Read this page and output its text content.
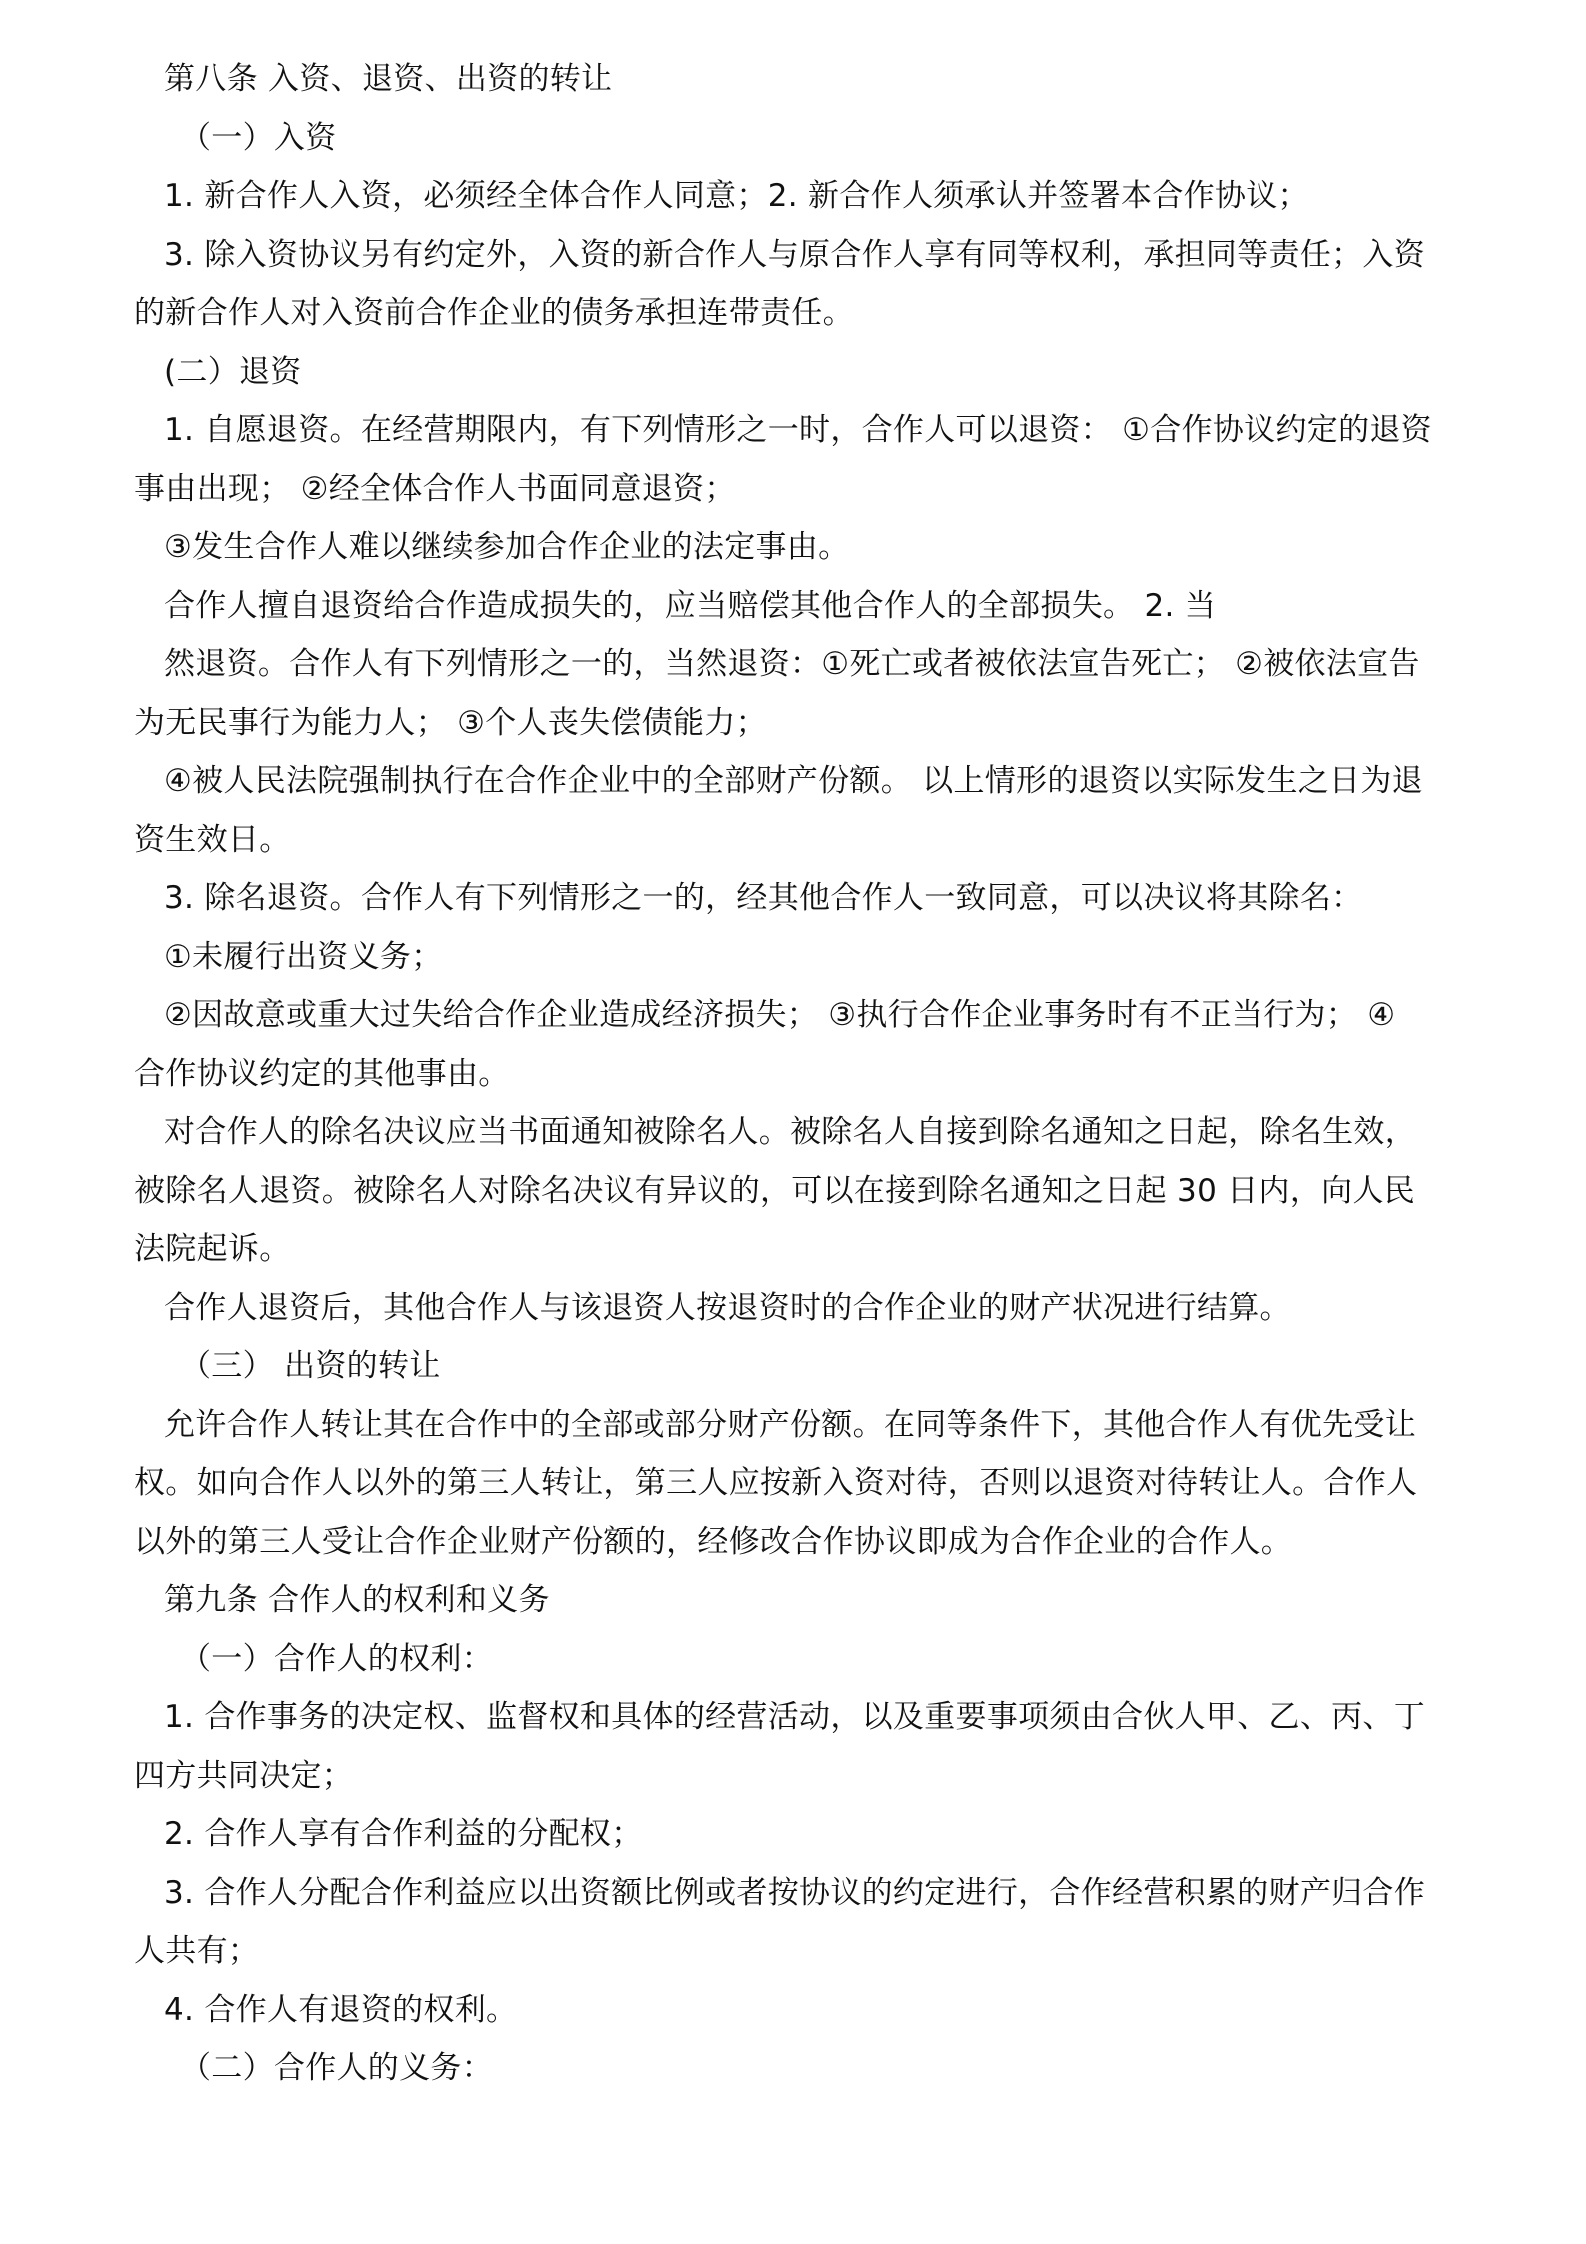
第八条 入资、退资、出资的转让
（一）入资
1. 新合作人入资，必须经全体合作人同意；2. 新合作人须承认并签署本合作协议；
3. 除入资协议另有约定外，入资的新合作人与原合作人享有同等权利，承担同等责任；入资
的新合作人对入资前合作企业的债务承担连带责任。
(二）退资
1. 自愿退资。在经营期限内，有下列情形之一时，合作人可以退资： ①合作协议约定的退资
事由出现； ②经全体合作人书面同意退资；
③发生合作人难以继续参加合作企业的法定事由。
合作人擅自退资给合作造成损失的，应当赔偿其他合作人的全部损失。 2. 当
然退资。合作人有下列情形之一的，当然退资：①死亡或者被依法宣告死亡； ②被依法宣告
为无民事行为能力人； ③个人丧失偿债能力；
④被人民法院强制执行在合作企业中的全部财产份额。 以上情形的退资以实际发生之日为退
资生效日。
3. 除名退资。合作人有下列情形之一的，经其他合作人一致同意，可以决议将其除名：
①未履行出资义务；
②因故意或重大过失给合作企业造成经济损失； ③执行合作企业事务时有不正当行为； ④
合作协议约定的其他事由。
对合作人的除名决议应当书面通知被除名人。被除名人自接到除名通知之日起，除名生效，
被除名人退资。被除名人对除名决议有异议的，可以在接到除名通知之日起 30 日内，向人民
法院起诉。
合作人退资后，其他合作人与该退资人按退资时的合作企业的财产状况进行结算。
（三） 出资的转让
允许合作人转让其在合作中的全部或部分财产份额。在同等条件下，其他合作人有优先受让
权。如向合作人以外的第三人转让，第三人应按新入资对待，否则以退资对待转让人。合作人
以外的第三人受让合作企业财产份额的，经修改合作协议即成为合作企业的合作人。
第九条 合作人的权利和义务
（一）合作人的权利：
1. 合作事务的决定权、监督权和具体的经营活动，以及重要事项须由合伙人甲、乙、丙、丁
四方共同决定；
2. 合作人享有合作利益的分配权；
3. 合作人分配合作利益应以出资额比例或者按协议的约定进行，合作经营积累的财产归合作
人共有；
4. 合作人有退资的权利。
（二）合作人的义务：
